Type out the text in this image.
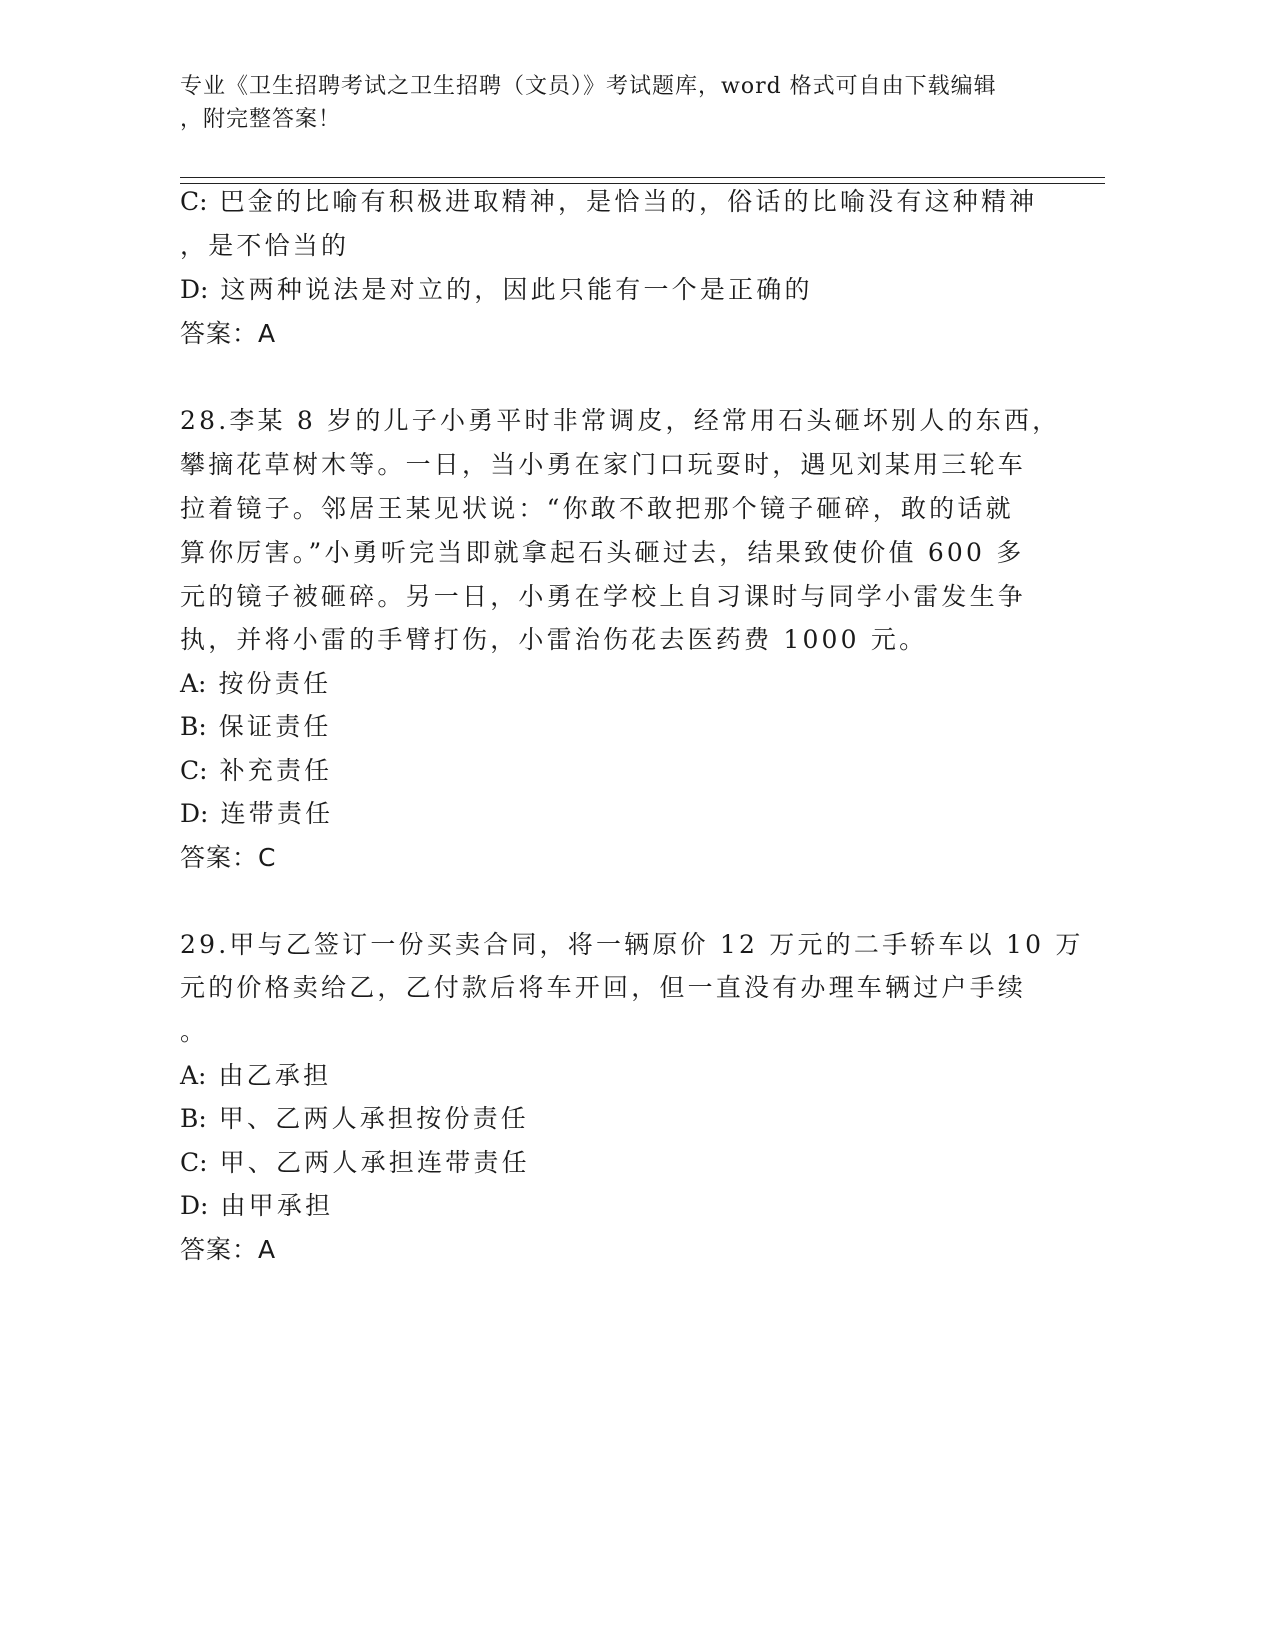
专业《卫生招聘考试之卫生招聘（文员）》考试题库，word 格式可自由下载编辑
，附完整答案！
C: 巴金的比喻有积极进取精神，是恰当的，俗话的比喻没有这种精神
，是不恰当的
D: 这两种说法是对立的，因此只能有一个是正确的
答案：A
28.李某 8 岁的儿子小勇平时非常调皮，经常用石头砸坏别人的东西，
攀摘花草树木等。一日，当小勇在家门口玩耍时，遇见刘某用三轮车
拉着镜子。邻居王某见状说：“你敢不敢把那个镜子砸碎，敢的话就
算你厉害。”小勇听完当即就拿起石头砸过去，结果致使价值 600 多
元的镜子被砸碎。另一日，小勇在学校上自习课时与同学小雷发生争
执，并将小雷的手臂打伤，小雷治伤花去医药费 1000 元。
A: 按份责任
B: 保证责任
C: 补充责任
D: 连带责任
答案：C
29.甲与乙签订一份买卖合同，将一辆原价 12 万元的二手轿车以 10 万
元的价格卖给乙，乙付款后将车开回，但一直没有办理车辆过户手续
。
A: 由乙承担
B: 甲、乙两人承担按份责任
C: 甲、乙两人承担连带责任
D: 由甲承担
答案：A
